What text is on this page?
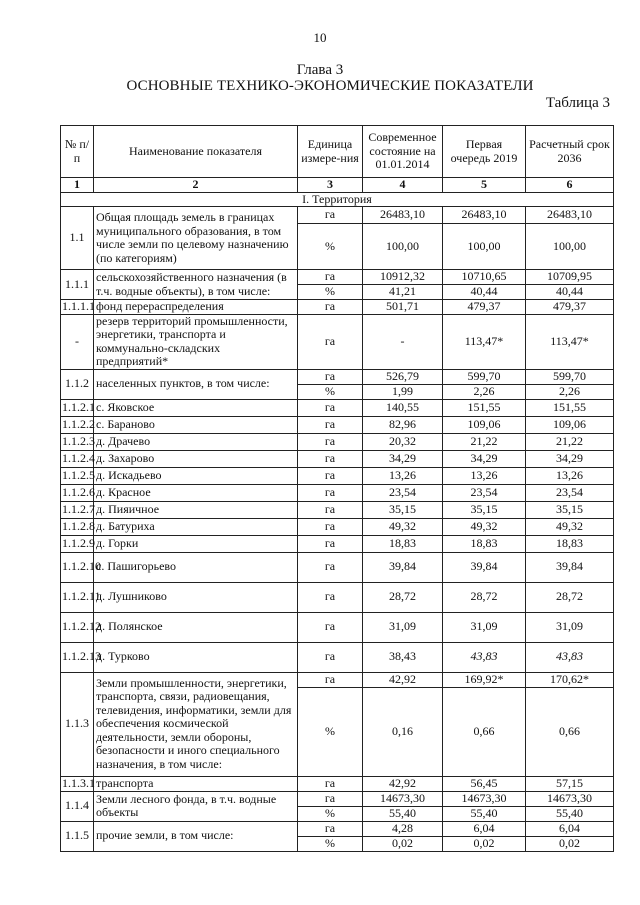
10
Глава 3
ОСНОВНЫЕ ТЕХНИКО-ЭКОНОМИЧЕСКИЕ ПОКАЗАТЕЛИ
Таблица 3
№ п/п	Наименование показателя	Единица измере-ния	Современное состояние на 01.01.2014	Первая очередь 2019	Расчетный срок 2036
1	2	3	4	5	6
I. Территория					
1.1	Общая площадь земель в границах муниципального образования, в том числе земли по целевому назначению (по категориям)	га	26483,10	26483,10	26483,10
		%	100,00	100,00	100,00
1.1.1	сельскохозяйственного назначения (в т.ч. водные объекты), в том числе:	га	10912,32	10710,65	10709,95
		%	41,21	40,44	40,44
1.1.1.1	фонд перераспределения	га	501,71	479,37	479,37
-	резерв территорий промышленности, энергетики, транспорта и коммунально-складских предприятий*	га	-	113,47*	113,47*
1.1.2	населенных пунктов, в том числе:	га	526,79	599,70	599,70
		%	1,99	2,26	2,26
1.1.2.1	с. Яковское	га	140,55	151,55	151,55
1.1.2.2	с. Бараново	га	82,96	109,06	109,06
1.1.2.3	д. Драчево	га	20,32	21,22	21,22
1.1.2.4	д. Захарово	га	34,29	34,29	34,29
1.1.2.5	д. Искадьево	га	13,26	13,26	13,26
1.1.2.6	д. Красное	га	23,54	23,54	23,54
1.1.2.7	д. Пияичное	га	35,15	35,15	35,15
1.1.2.8	д. Батуриха	га	49,32	49,32	49,32
1.1.2.9	д. Горки	га	18,83	18,83	18,83
1.1.2.10	с. Пашигорьево	га	39,84	39,84	39,84
1.1.2.11	д. Лушниково	га	28,72	28,72	28,72
1.1.2.12	д. Полянское	га	31,09	31,09	31,09
1.1.2.13	д. Турково	га	38,43	43,83	43,83
1.1.3	Земли промышленности, энергетики, транспорта, связи, радиовещания, телевидения, информатики, земли для обеспечения космической деятельности, земли обороны, безопасности и иного специального назначения, в том числе:	га	42,92	169,92*	170,62*
		%	0,16	0,66	0,66
1.1.3.1	транспорта	га	42,92	56,45	57,15
1.1.4	Земли лесного фонда, в т.ч. водные объекты	га	14673,30	14673,30	14673,30
		%	55,40	55,40	55,40
1.1.5	прочие земли, в том числе:	га	4,28	6,04	6,04
		%	0,02	0,02	0,02
